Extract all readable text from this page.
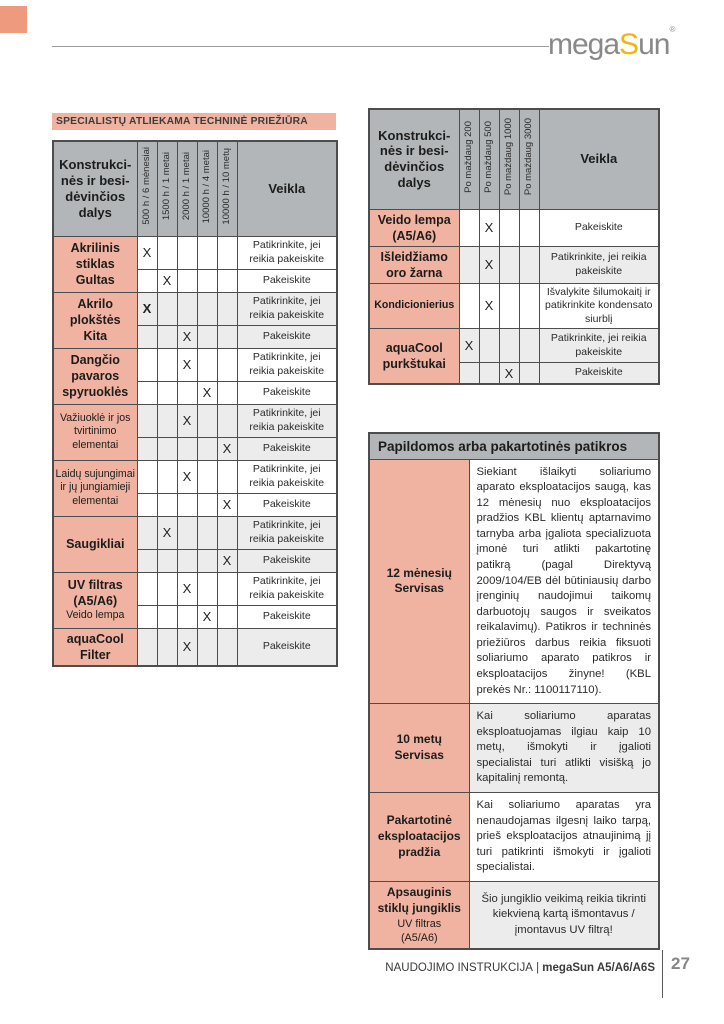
megaSun®
SPECIALISTŲ ATLIEKAMA TECHNINĖ PRIEŽIŪRA
Konstrukci-
nės ir besi-
dėvinčios
dalys	500 h / 6 mėnesiai	1500 h / 1 metai	2000 h / 1 metai	10000 h / 4 metai	10000 h / 10 metų	Veikla

Akrilinis
stiklas
Gultas	X					Patikrinkite, jei reikia pakeiskite
		X				Pakeiskite

Akrilo
plokštės
Kita	X					Patikrinkite, jei reikia pakeiskite
			X			Pakeiskite

Dangčio
pavaros
spyruoklės			X			Patikrinkite, jei reikia pakeiskite
				X		Pakeiskite

Važiuoklė ir jos
tvirtinimo
elementai			X			Patikrinkite, jei reikia pakeiskite
					X	Pakeiskite

Laidų sujungimai
ir jų jungiamieji
elementai			X			Patikrinkite, jei reikia pakeiskite
					X	Pakeiskite

Saugikliai		X				Patikrinkite, jei reikia pakeiskite
					X	Pakeiskite

UV filtras
(A5/A6)
Veido lempa			X			Patikrinkite, jei reikia pakeiskite
				X		Pakeiskite

aquaCool
Filter			X			Pakeiskite
Konstrukci-
nės ir besi-
dėvinčios
dalys	Po maždaug 200	Po maždaug 500	Po maždaug 1000	Po maždaug 3000	Veikla

Veido lempa
(A5/A6)		X			Pakeiskite

Išleidžiamo
oro žarna		X			Patikrinkite, jei reikia pakeiskite

Kondicionierius		X			Išvalykite šilumokaitį ir patikrinkite kondensato siurblį

aquaCool
purkštukai	X				Patikrinkite, jei reikia pakeiskite
			X		Pakeiskite
Papildomos arba pakartotinės patikros	

12 mėnesių
Servisas	Siekiant išlaikyti soliariumo aparato eksploatacijos saugą, kas 12 mėnesių nuo eksploatacijos pradžios KBL klientų aptarnavimo tarnyba arba įgaliota specializuota įmonė turi atlikti pakartotinę patikrą (pagal Direktyvą 2009/104/EB dėl būtiniausių darbo įrenginių naudojimui taikomų darbuotojų saugos ir sveikatos reikalavimų). Patikros ir techninės priežiūros darbus reikia fiksuoti soliariumo aparato patikros ir eksploatacijos žinyne! (KBL prekės Nr.: 1100117110).

10 metų
Servisas	Kai soliariumo aparatas eksploatuojamas ilgiau kaip 10 metų, išmokyti ir įgalioti specialistai turi atlikti visišką jo kapitalinį remontą.

Pakartotinė
eksploatacijos
pradžia	Kai soliariumo aparatas yra nenaudojamas ilgesnį laiko tarpą, prieš eksploatacijos atnaujinimą jį turi patikrinti išmokyti ir įgalioti specialistai.

Apsauginis
stiklų jungiklis
UV filtras
(A5/A6)	Šio jungiklio veikimą reikia tikrinti kiekvieną kartą išmontavus / įmontavus UV filtrą!
NAUDOJIMO INSTRUKCIJA | megaSun A5/A6/A6S 27
